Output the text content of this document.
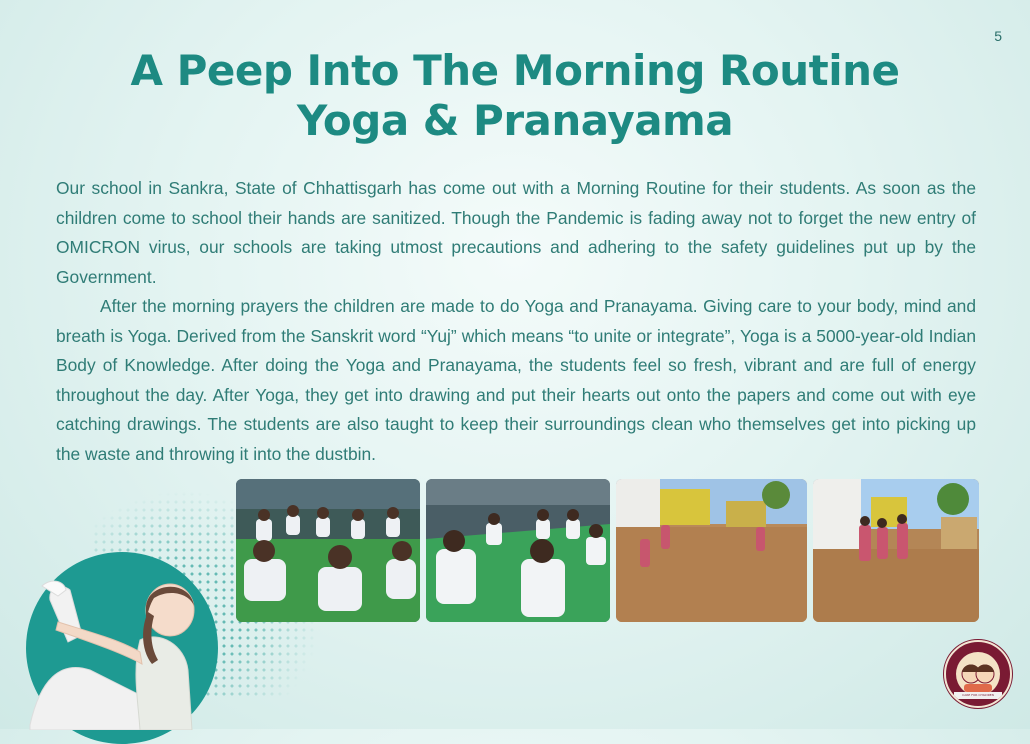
5
A Peep Into The Morning Routine
Yoga & Pranayama

Our school in Sankra, State of Chhattisgarh has come out with a Morning Routine for their students. As soon as the children come to school their hands are sanitized. Though the Pandemic is fading away not to forget the new entry of OMICRON virus, our schools are taking utmost precautions and adhering to the safety guidelines put up by the Government.

After the morning prayers the children are made to do Yoga and Pranayama. Giving care to your body, mind and breath is Yoga. Derived from the Sanskrit word “Yuj” which means “to unite or integrate”, Yoga is a 5000-year-old Indian Body of Knowledge. After doing the Yoga and Pranayama, the students feel so fresh, vibrant and are full of energy throughout the day. After Yoga, they get into drawing and put their hearts out onto the papers and come out with eye catching drawings. The students are also taught to keep their surroundings clean who themselves get into picking up the waste and throwing it into the dustbin.

CARE FOR CHILDREN
